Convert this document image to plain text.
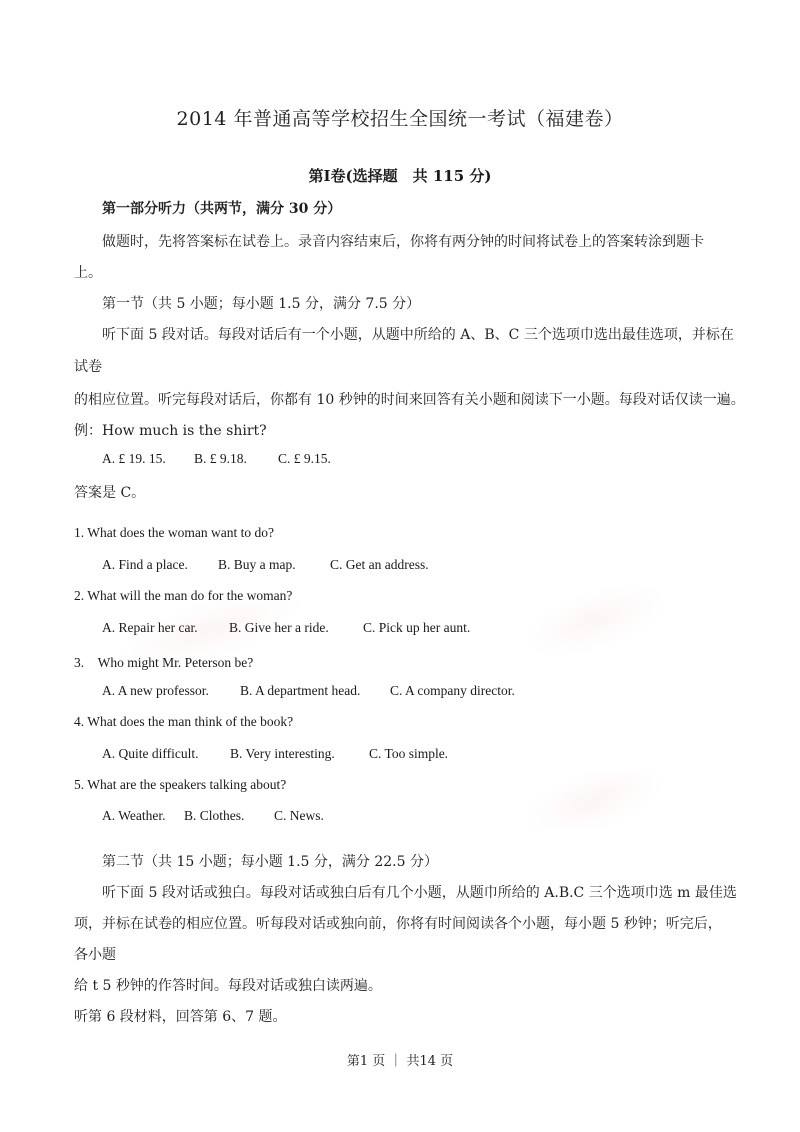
2014 年普通高等学校招生全国统一考试（福建卷）
第Ⅰ卷(选择题　共 115 分)
第一部分听力（共两节，满分 30 分）
做题时，先将答案标在试卷上。录音内容结束后，你将有两分钟的时间将试卷上的答案转涂到题卡
上。
第一节（共 5 小题；每小题 1.5 分，满分 7.5 分）
听下面 5 段对话。每段对话后有一个小题，从题中所给的 A、B、C 三个选项巾选出最佳选项，并标在
试卷
的相应位置。听完每段对话后，你都有 10 秒钟的时间来回答有关小题和阅读下一小题。每段对话仅读一遍。
例：How much is the shirt?
A. £ 19. 15. B. £ 9.18. C. £ 9.15.
答案是 C。
1. What does the woman want to do?
A. Find a place. B. Buy a map.	C. Get an address.
2. What will the man do for the woman?
A. Repair her car. B. Give her a ride.	C. Pick up her aunt.
3.　Who might Mr. Peterson be?
A. A new professor. B. A department head. C. A company director.
4. What does the man think of the book?
A. Quite difficult. B. Very interesting.	C. Too simple.
5. What are the speakers talking about?
A. Weather. B. Clothes. C. News.
第二节（共 15 小题；每小题 1.5 分，满分 22.5 分）
听下面 5 段对话或独白。每段对话或独白后有几个小题，从题巾所给的 A.B.C 三个选项巾选 m 最佳选
项，并标在试卷的相应位置。听每段对话或独向前，你将有时间阅读各个小题，每小题 5 秒钟；听完后，
各小题
给 t 5 秒钟的作答时间。每段对话或独白读两遍。
听第 6 段材料，回答第 6、7 题。
第1 页 ｜ 共14 页
